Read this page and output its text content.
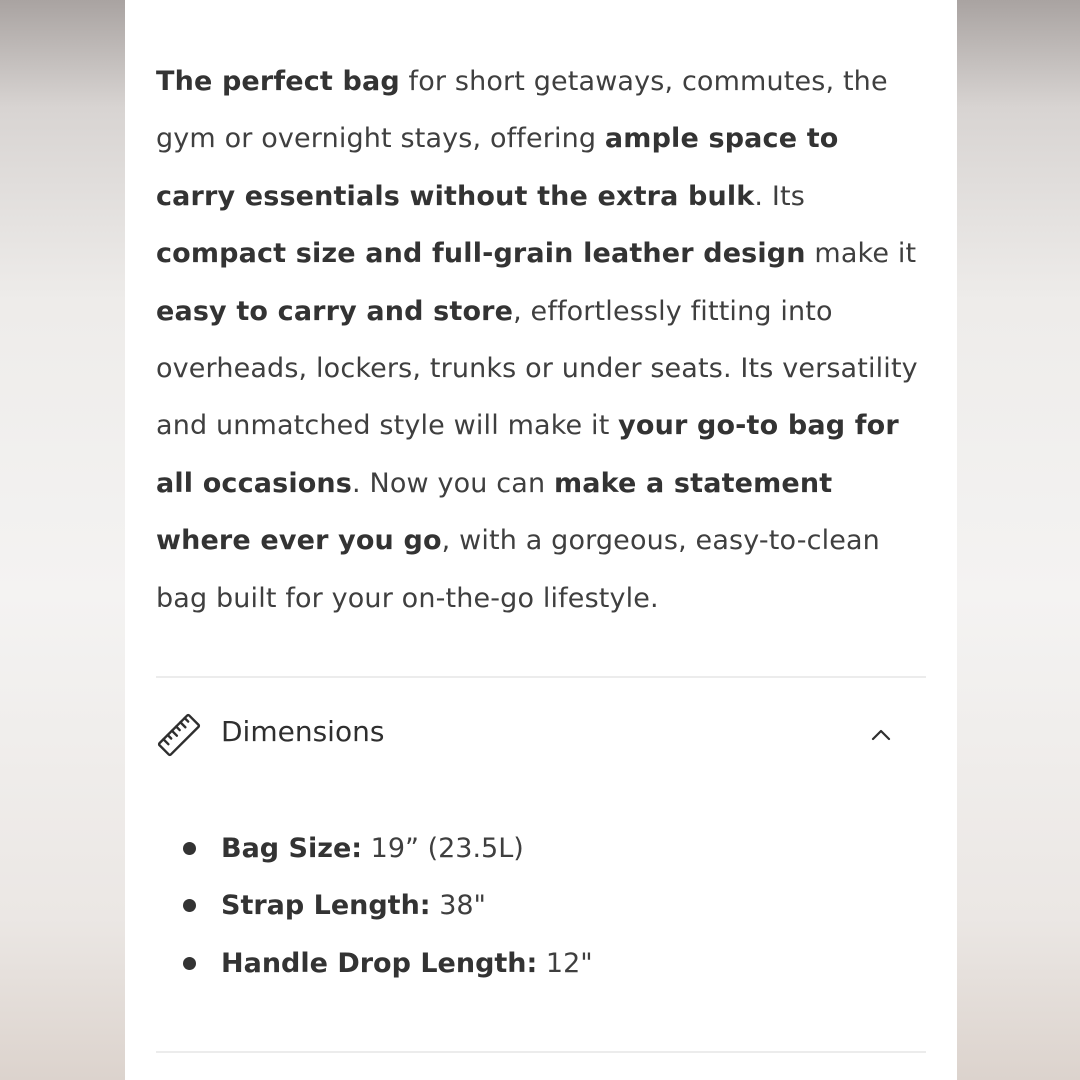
The perfect bag for short getaways, commutes, the gym or overnight stays, offering ample space to carry essentials without the extra bulk. Its compact size and full-grain leather design make it easy to carry and store, effortlessly fitting into overheads, lockers, trunks or under seats. Its versatility and unmatched style will make it your go-to bag for all occasions. Now you can make a statement where ever you go, with a gorgeous, easy-to-clean bag built for your on-the-go lifestyle.

Dimensions
Bag Size: 19” (23.5L)
Strap Length: 38"
Handle Drop Length: 12"
